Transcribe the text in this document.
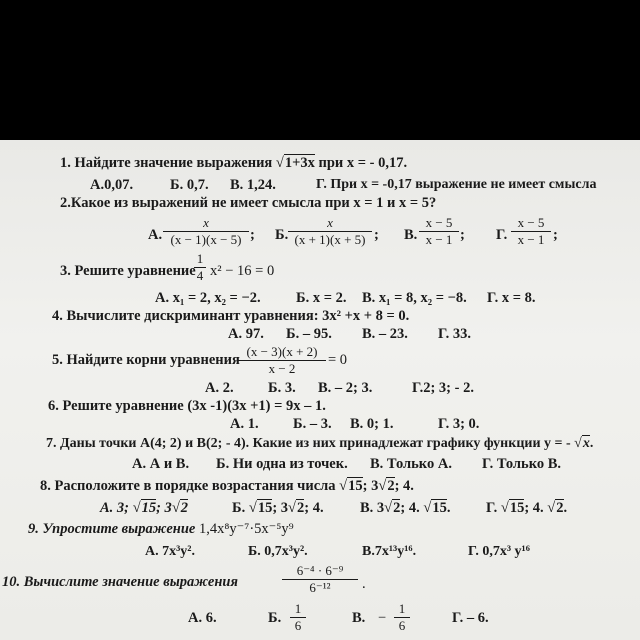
1. Найдите значение выражения √1+3x при x = - 0,17.
А.0,07.	Б. 0,7. В. 1,24.	Г. При x = -0,17 выражение не имеет смысла
2.Какое из выражений не имеет смысла при x = 1 и x = 5?
А.
x
(x − 1)(x − 5) ; Б.
x
(x + 1)(x + 5) ; В.
x − 5
x − 1 ; Г.
x − 5
x − 1 ;
3. Решите уравнение
1
4 x² − 16 = 0
А. x₁ = 2, x₂ = −2. Б. x = 2. В. x₁ = 8, x₂ = −8. Г. x = 8.
4. Вычислите дискриминант уравнения: 3x² +x + 8 = 0.
А. 97. Б. – 95. В. – 23. Г. 33.
5. Найдите корни уравнения
(x − 3)(x + 2)
x − 2
= 0
А. 2. Б. 3. В. – 2; 3.	Г.2; 3; - 2.
6. Решите уравнение (3x -1)(3x +1) = 9x – 1.
А. 1. Б. – 3. В. 0; 1.	Г. 3; 0.
7. Даны точки А(4; 2) и В(2; - 4). Какие из них принадлежат графику функции y = - √x.
А. А и В. Б. Ни одна из точек. В. Только А. Г. Только В.
8. Расположите в порядке возрастания числа √15; 3√2; 4.
А. 3; √15; 3√2	Б. √15; 3√2; 4.	В. 3√2; 4. √15. Г. √15; 4. √2.
9. Упростите выражение 1,4x⁸y⁻⁷·5x⁻⁵y⁹
А. 7x³y².	Б. 0,7x³y².	В.7x¹³y¹⁶.	Г. 0,7x³ y¹⁶
10. Вычислите значение выражения
6⁻⁴ · 6⁻⁹
6⁻¹²	.
А. 6.	Б.
1
6	В. −
1
6	Г. – 6.
